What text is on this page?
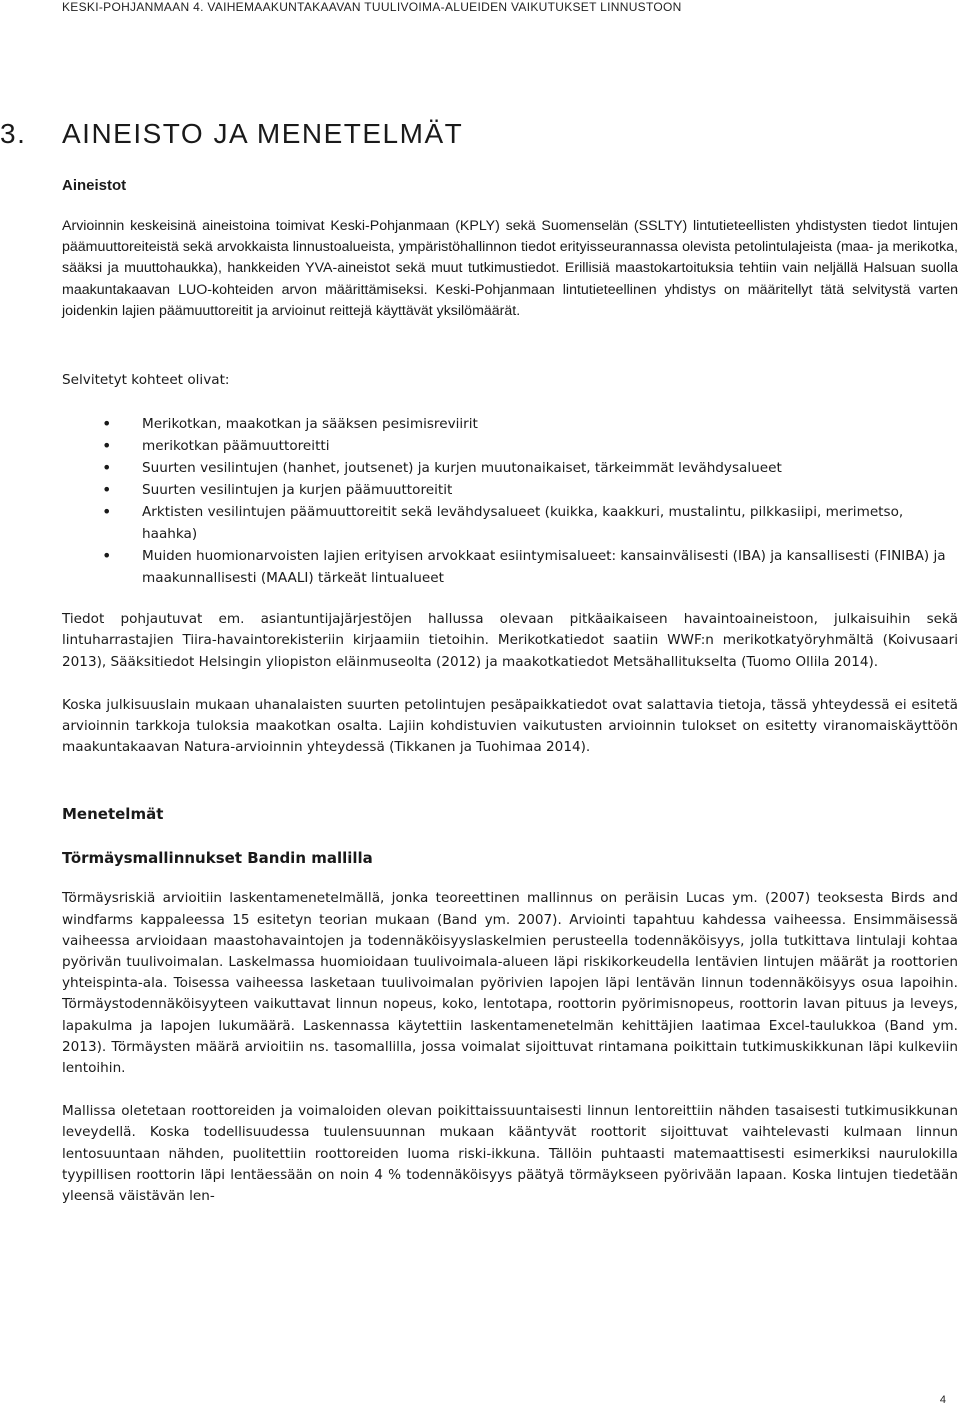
KESKI-POHJANMAAN 4. VAIHEMAAKUNTAKAAVAN TUULIVOIMA-ALUEIDEN VAIKUTUKSET LINNUSTOON
3. AINEISTO JA MENETELMÄT
Aineistot

Arvioinnin keskeisinä aineistoina toimivat Keski-Pohjanmaan (KPLY) sekä Suomenselän (SSLTY) lintutieteellisten yhdistysten tiedot lintujen päämuuttoreiteistä sekä arvokkaista linnustoalueista, ympäristöhallinnon tiedot erityisseurannassa olevista petolintulajeista (maa- ja merikotka, sääksi ja muuttohaukka), hankkeiden YVA-aineistot sekä muut tutkimustiedot. Erillisiä maastokartoituksia tehtiin vain neljällä Halsuan suolla maakuntakaavan LUO-kohteiden arvon määrittämiseksi. Keski-Pohjanmaan lintutieteellinen yhdistys on määritellyt tätä selvitystä varten joidenkin lajien päämuuttoreitit ja arvioinut reittejä käyttävät yksilömäärät.

Selvitetyt kohteet olivat:

• Merikotkan, maakotkan ja sääksen pesimisreviirit
• merikotkan päämuuttoreitti
• Suurten vesilintujen (hanhet, joutsenet) ja kurjen muutonaikaiset, tärkeimmät levähdysalueet
• Suurten vesilintujen ja kurjen päämuuttoreitit
• Arktisten vesilintujen päämuuttoreitit sekä levähdysalueet (kuikka, kaakkuri, mustalintu, pilkkasiipi, merimetso, haahka)
• Muiden huomionarvoisten lajien erityisen arvokkaat esiintymisalueet: kansainvälisesti (IBA) ja kansallisesti (FINIBA) ja maakunnallisesti (MAALI) tärkeät lintualueet

Tiedot pohjautuvat em. asiantuntijajärjestöjen hallussa olevaan pitkäaikaiseen havaintoaineistoon, julkaisuihin sekä lintuharrastajien Tiira-havaintorekisteriin kirjaamiin tietoihin. Merikotkatiedot saatiin WWF:n merikotkatyöryhmältä (Koivusaari 2013), Sääksitiedot Helsingin yliopiston eläinmuseolta (2012) ja maakotkatiedot Metsähallitukselta (Tuomo Ollila 2014).

Koska julkisuuslain mukaan uhanalaisten suurten petolintujen pesäpaikkatiedot ovat salattavia tietoja, tässä yhteydessä ei esitetä arvioinnin tarkkoja tuloksia maakotkan osalta. Lajiin kohdistuvien vaikutusten arvioinnin tulokset on esitetty viranomaiskäyttöön maakuntakaavan Natura-arvioinnin yhteydessä (Tikkanen ja Tuohimaa 2014).

Menetelmät
Törmäysmallinnukset Bandin mallilla

Törmäysriskiä arvioitiin laskentamenetelmällä, jonka teoreettinen mallinnus on peräisin Lucas ym. (2007) teoksesta Birds and windfarms kappaleessa 15 esitetyn teorian mukaan (Band ym. 2007). Arviointi tapahtuu kahdessa vaiheessa. Ensimmäisessä vaiheessa arvioidaan maastohavaintojen ja todennäköisyyslaskelmien perusteella todennäköisyys, jolla tutkittava lintulaji kohtaa pyörivän tuulivoimalan. Laskelmassa huomioidaan tuulivoimala-alueen läpi riskikorkeudella lentävien lintujen määrät ja roottorien yhteispinta-ala. Toisessa vaiheessa lasketaan tuulivoimalan pyörivien lapojen läpi lentävän linnun todennäköisyys osua lapoihin. Törmäystodennäköisyyteen vaikuttavat linnun nopeus, koko, lentotapa, roottorin pyörimisnopeus, roottorin lavan pituus ja leveys, lapakulma ja lapojen lukumäärä. Laskennassa käytettiin laskentamenetelmän kehittäjien laatimaa Excel-taulukkoa (Band ym. 2013). Törmäysten määrä arvioitiin ns. tasomallilla, jossa voimalat sijoittuvat rintamana poikittain tutkimuskikkunan läpi kulkeviin lentoihin.

Mallissa oletetaan roottoreiden ja voimaloiden olevan poikittaissuuntaisesti linnun lentoreittiin nähden tasaisesti tutkimusikkunan leveydellä. Koska todellisuudessa tuulensuunnan mukaan kääntyvät roottorit sijoittuvat vaihtelevasti kulmaan linnun lentosuuntaan nähden, puolitettiin roottoreiden luoma riski-ikkuna. Tällöin puhtaasti matemaattisesti esimerkiksi naurulokilla tyypillisen roottorin läpi lentäessään on noin 4 % todennäköisyys päätyä törmäykseen pyörivään lapaan. Koska lintujen tiedetään yleensä väistävän len-

4
